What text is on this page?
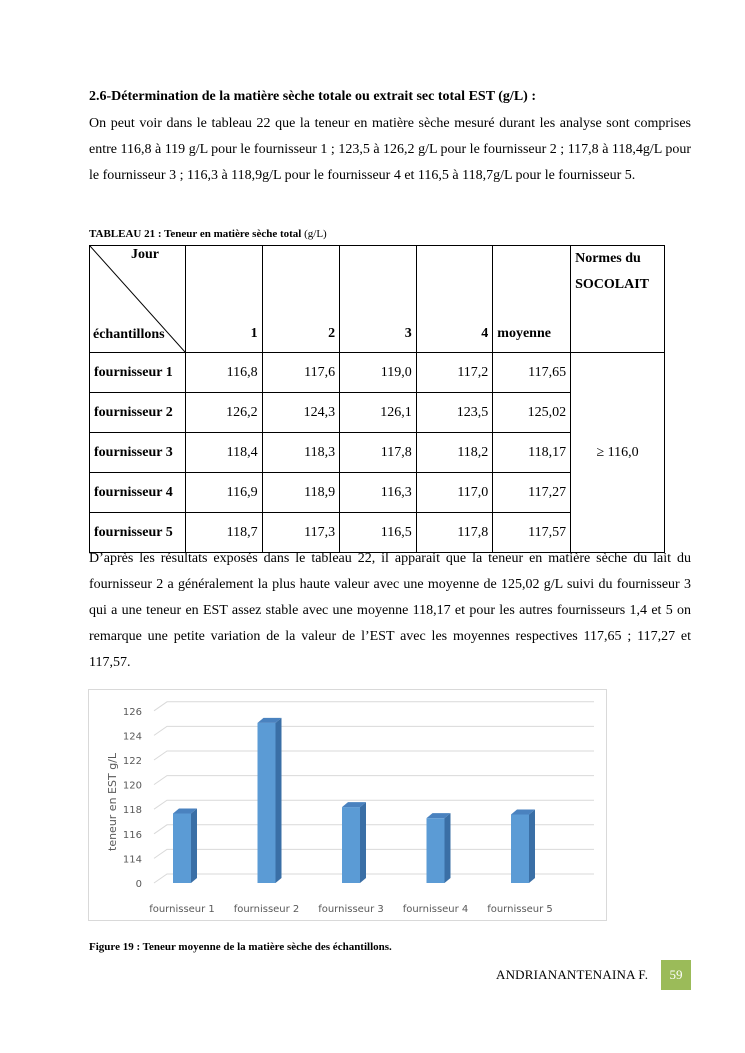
2.6-Détermination de la matière sèche totale ou extrait sec total EST (g/L) :

On peut voir dans le tableau 22 que la teneur en matière sèche mesuré durant les analyse sont comprises entre 116,8 à 119 g/L pour le fournisseur 1 ; 123,5 à 126,2 g/L pour le fournisseur 2 ; 117,8 à 118,4g/L pour le fournisseur 3 ; 116,3 à 118,9g/L pour le fournisseur 4 et 116,5 à 118,7g/L pour le fournisseur 5.

TABLEAU 21 : Teneur en matière sèche total (g/L)
Jour
échantillons	1	2	3	4	moyenne	Normes du
SOCOLAIT
fournisseur 1	116,8	117,6	119,0	117,2	117,65	≥ 116,0
fournisseur 2	126,2	124,3	126,1	123,5	125,02	
fournisseur 3	118,4	118,3	117,8	118,2	118,17	
fournisseur 4	116,9	118,9	116,3	117,0	117,27	
fournisseur 5	118,7	117,3	116,5	117,8	117,57	

D’après les résultats exposés dans le tableau 22, il apparait que la teneur en matière sèche du lait du fournisseur 2 a généralement la plus haute valeur avec une moyenne de 125,02 g/L suivi du fournisseur 3 qui a une teneur en EST assez stable avec une moyenne 118,17 et pour les autres fournisseurs 1,4 et 5 on remarque une petite variation de la valeur de l’EST avec les moyennes respectives 117,65 ; 117,27 et 117,57.

0
114
116
118
120
122
124
126
teneur en EST g/L
fournisseur 1 fournisseur 2 fournisseur 3 fournisseur 4 fournisseur 5
Figure 19 : Teneur moyenne de la matière sèche des échantillons.
ANDRIANANTENAINA F.	59
